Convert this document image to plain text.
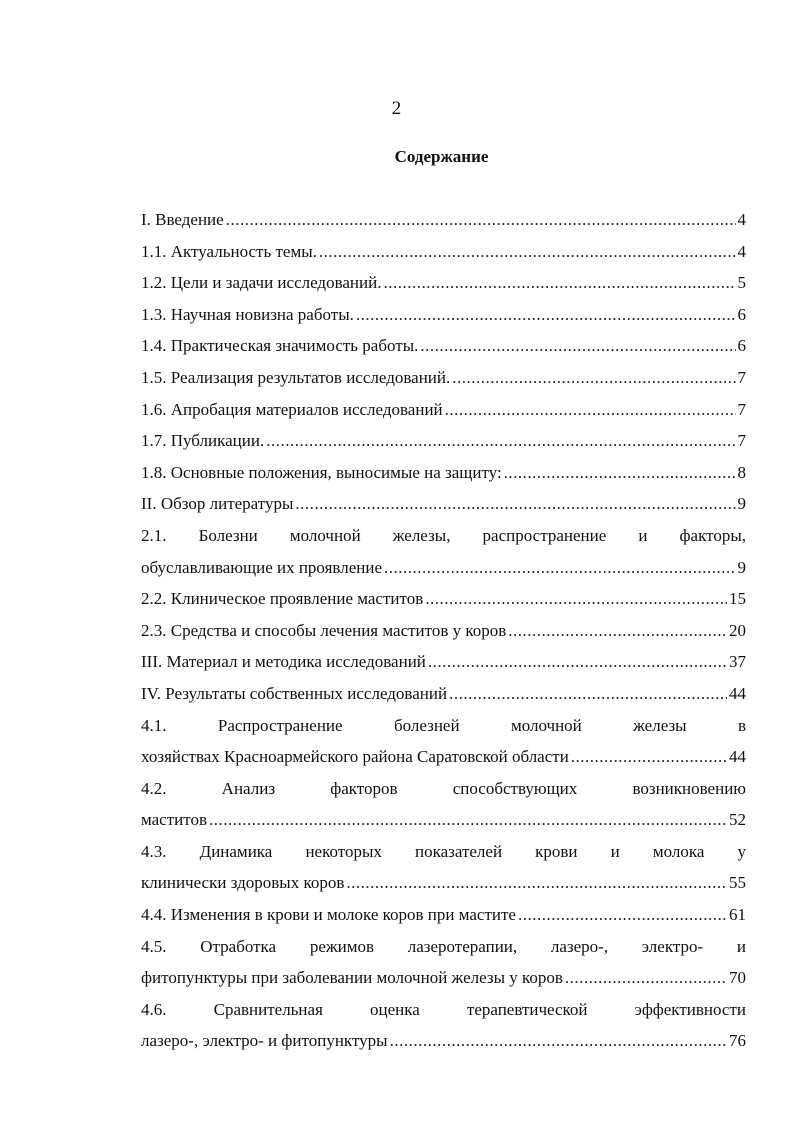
2
Содержание
I. Введение .....	4
1.1. Актуальность темы. .....	4
1.2. Цели и задачи исследований. .....	5
1.3. Научная новизна работы. .....	6
1.4. Практическая значимость работы. .....	6
1.5. Реализация результатов исследований. .....	7
1.6. Апробация материалов исследований .....	7
1.7. Публикации. .....	7
1.8. Основные положения, выносимые на защиту: .....	8
II. Обзор литературы .....	9
2.1. Болезни молочной железы, распространение и факторы,
обуславливающие их проявление .....	9
2.2. Клиническое проявление маститов .....	15
2.3. Средства и способы лечения маститов у коров .....	20
III. Материал и методика исследований .....	37
IV. Результаты собственных исследований .....	44
4.1. Распространение болезней молочной железы в
хозяйствах Красноармейского района Саратовской области .....	44
4.2. Анализ факторов способствующих возникновению
маститов .....	52
4.3. Динамика некоторых показателей крови и молока у
клинически здоровых коров .....	55
4.4. Изменения в крови и молоке коров при мастите .....	61
4.5. Отработка режимов лазеротерапии, лазеро-, электро- и
фитопунктуры при заболевании молочной железы у коров .....	70
4.6. Сравнительная оценка терапевтической эффективности
лазеро-, электро- и фитопунктуры .....	76
